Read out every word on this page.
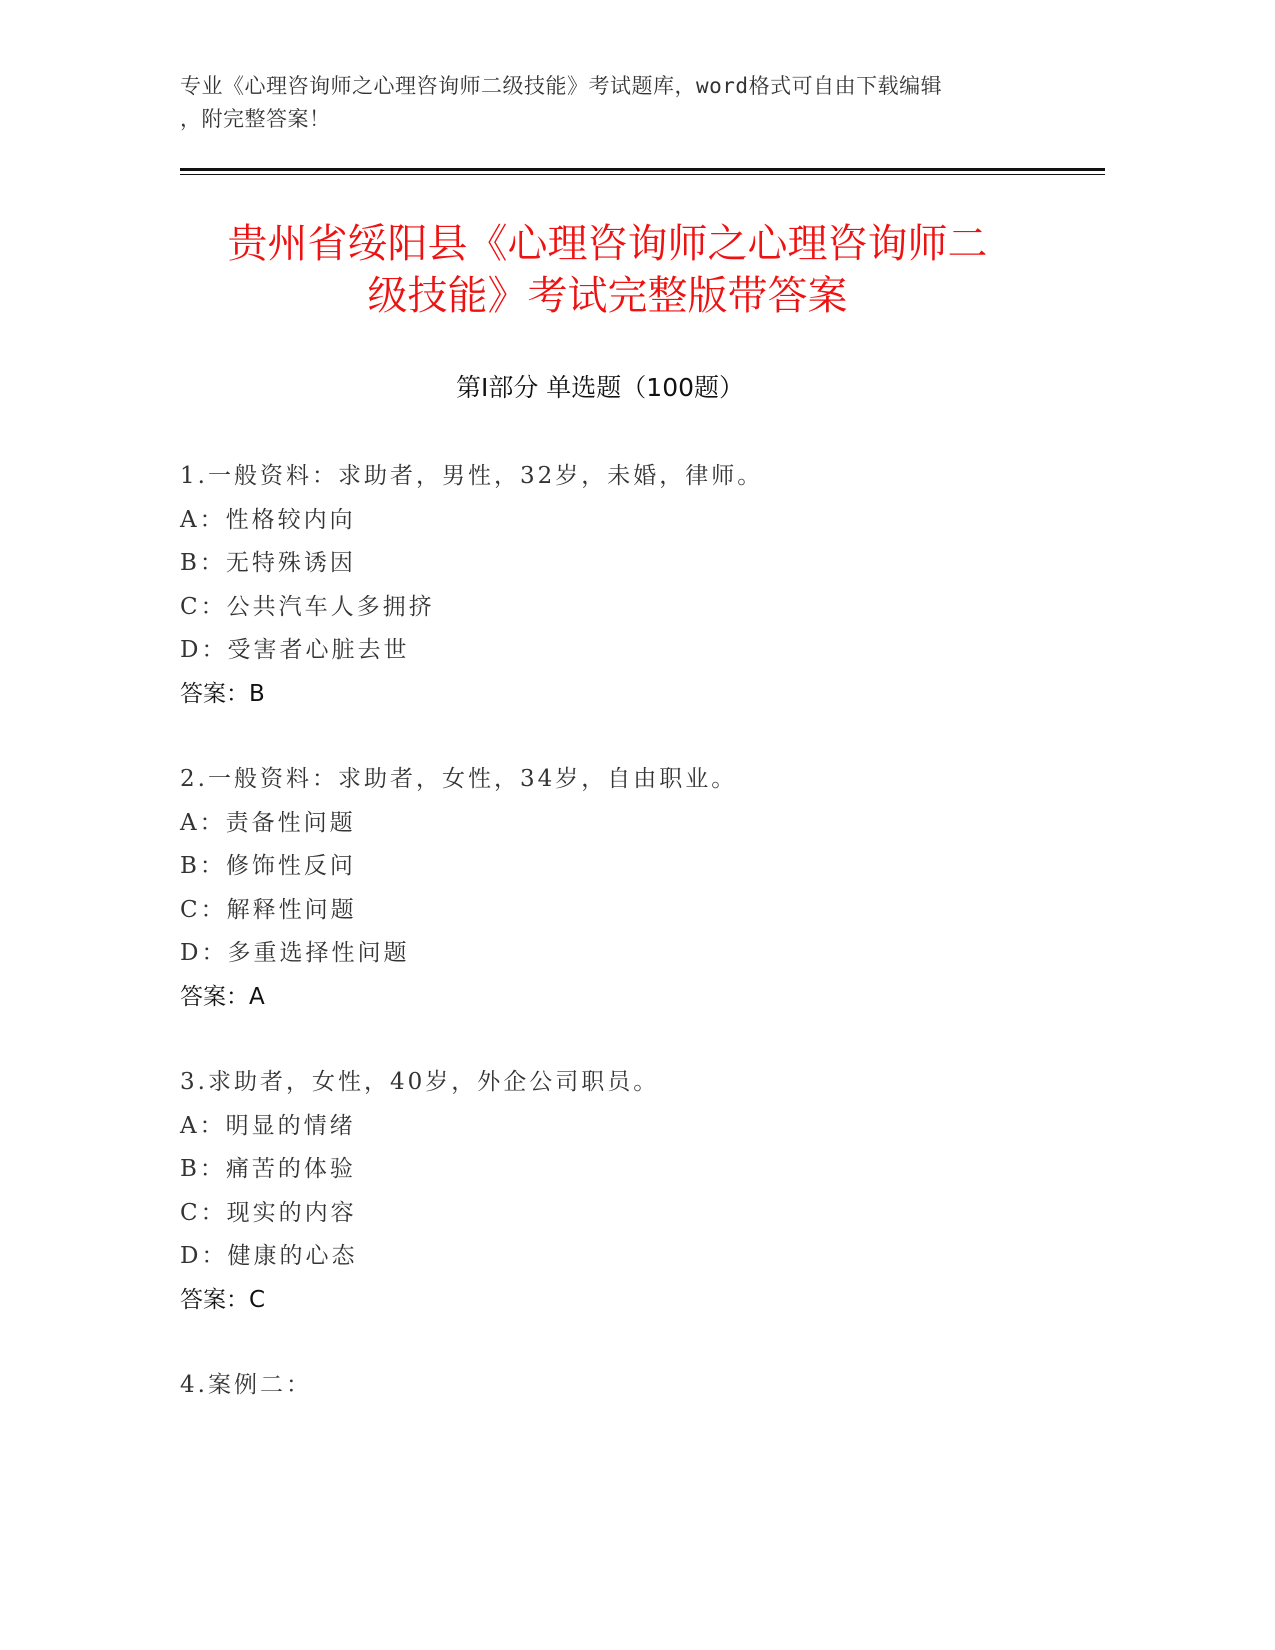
专业《心理咨询师之心理咨询师二级技能》考试题库，word格式可自由下载编辑
，附完整答案！
贵州省绥阳县《心理咨询师之心理咨询师二
级技能》考试完整版带答案
第Ⅰ部分 单选题（100题）
1.一般资料：求助者，男性，32岁，未婚，律师。
A：性格较内向
B：无特殊诱因
C：公共汽车人多拥挤
D：受害者心脏去世
答案：B
2.一般资料：求助者，女性，34岁，自由职业。
A：责备性问题
B：修饰性反问
C：解释性问题
D：多重选择性问题
答案：A
3.求助者，女性，40岁，外企公司职员。
A：明显的情绪
B：痛苦的体验
C：现实的内容
D：健康的心态
答案：C
4.案例二：
